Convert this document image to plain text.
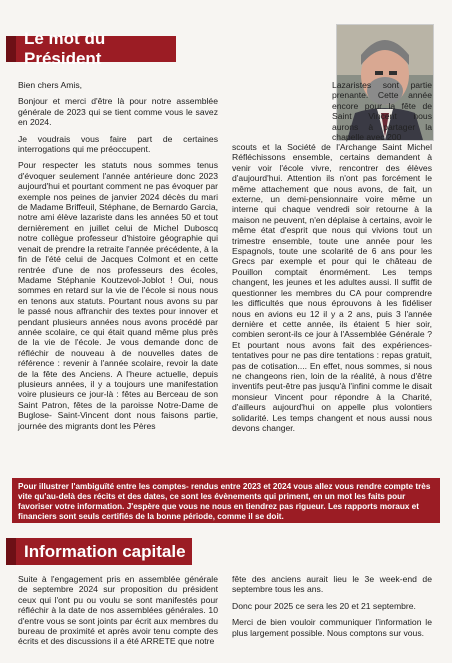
Le mot du Président

Bien chers Amis,

Bonjour et merci d'être là pour notre assemblée générale de 2023 qui se tient comme vous le savez en 2024.

Je voudrais vous faire part de certaines interrogations qui me préoccupent.

Pour respecter les statuts nous sommes tenus d'évoquer seulement l'année antérieure donc 2023 aujourd'hui et pourtant comment ne pas évoquer par exemple nos peines de janvier 2024 décès du mari de Madame Briffeuil, Stéphane, de Bernardo Garcia, notre ami élève lazariste dans les années 50 et tout dernièrement en juillet celui de Michel Duboscq notre collègue professeur d'histoire géographie qui venait de prendre la retraite l'année précédente, à la fin de l'été celui de Jacques Colmont et en cette rentrée d'une de nos professeurs des écoles, Madame Stéphanie Koutzevol-Joblot ! Oui, nous sommes en retard sur la vie de l'école si nous nous en tenons aux statuts. Pourtant nous avons su par le passé nous affranchir des textes pour innover et pendant plusieurs années nous avons procédé par année scolaire, ce qui était quand même plus près de la vie de l'école. Je vous demande donc de réfléchir de nouveau à de nouvelles dates de référence : revenir à l'année scolaire, revoir la date de la fête des Anciens. A l'heure actuelle, depuis plusieurs années, il y a toujours une manifestation voire plusieurs ce jour-là : fêtes au Berceau de son Saint Patron, fêtes de la paroisse Notre-Dame de Buglose- Saint-Vincent dont nous faisons partie, journée des migrants dont les Pères

Lazaristes sont partie prenante. Cette année encore pour la fête de Saint Vincent nous aurons à partager la chapelle avec 200

scouts et la Société de l'Archange Saint Michel Réfléchissons ensemble, certains demandent à venir voir l'école vivre, rencontrer des élèves d'aujourd'hui. Attention ils n'ont pas forcément le même attachement que nous avons, de fait, un externe, un demi-pensionnaire voire même un interne qui chaque vendredi soir retourne à la maison ne peuvent, n'en déplaise à certains, avoir le même état d'esprit que nous qui vivions tout un trimestre ensemble, toute une année pour les Espagnols, toute une scolarité de 6 ans pour les Grecs par exemple et pour qui le château de Pouillon comptait énormément. Les temps changent, les jeunes et les adultes aussi. Il suffit de questionner les membres du CA pour comprendre les difficultés que nous éprouvons à les fidéliser nous en avions eu 12 il y a 2 ans, puis 3 l'année dernière et cette année, ils étaient 5 hier soir, combien seront-ils ce jour à l'Assemblée Générale ? Et pourtant nous avons fait des expériences-tentatives pour ne pas dire tentations : repas gratuit, pas de cotisation.... En effet, nous sommes, si nous ne changeons rien, loin de la réalité, à nous d'être inventifs peut-être pas jusqu'à l'infini comme le disait monsieur Vincent pour répondre à la Charité, d'ailleurs aujourd'hui on appelle plus volontiers solidarité. Les temps changent et nous aussi nous devons changer.

Pour illustrer l'ambiguïté entre les comptes- rendus entre 2023 et 2024 vous allez vous rendre compte très vite qu'au-delà des récits et des dates, ce sont les évènements qui priment, en un mot les faits pour favoriser votre information. J'espère que vous ne nous en tiendrez pas rigueur. Les rapports moraux et financiers sont seuls certifiés de la bonne période, comme il se doit.
Information capitale

Suite à l'engagement pris en assemblée générale de septembre 2024 sur proposition du président ceux qui l'ont pu ou voulu se sont manifestés pour réfléchir à la date de nos assemblées générales. 10 d'entre vous se sont joints par écrit aux membres du bureau de proximité et après avoir tenu compte des écrits et des discussions il a été ARRETE que notre

fête des anciens aurait lieu le 3e week-end de septembre tous les ans.

Donc pour 2025 ce sera les 20 et 21 septembre.

Merci de bien vouloir communiquer l'information le plus largement possible. Nous comptons sur vous.
